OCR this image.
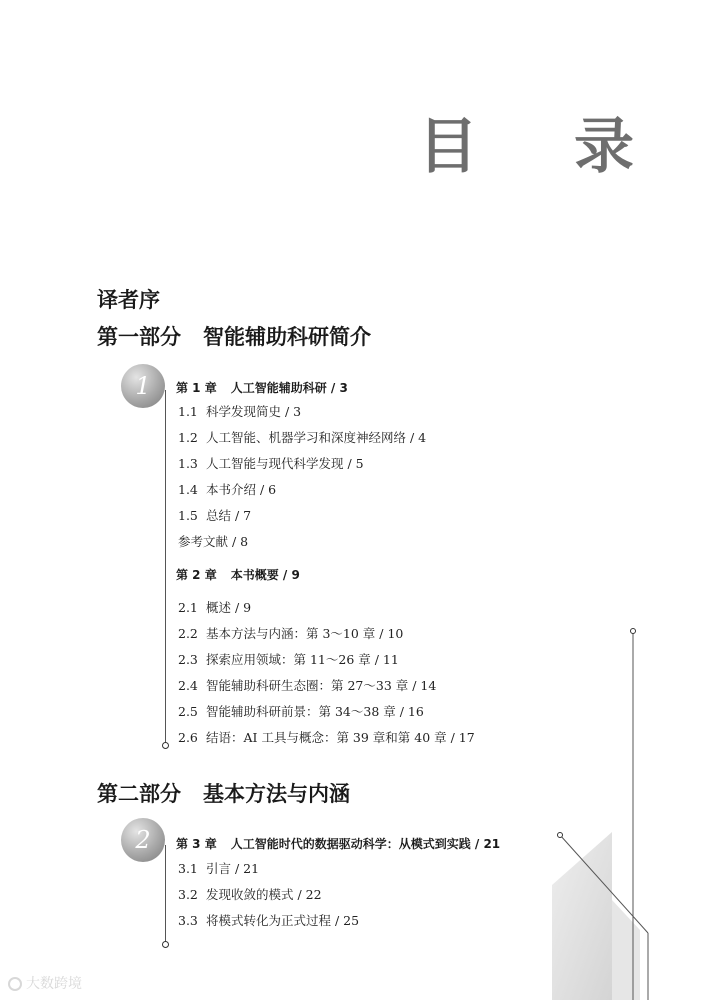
目 录
译者序
第一部分 智能辅助科研简介
1	第 1 章 人工智能辅助科研 / 3
1.1 科学发现简史 / 3
1.2 人工智能、机器学习和深度神经网络 / 4
1.3 人工智能与现代科学发现 / 5
1.4 本书介绍 / 6
1.5 总结 / 7
参考文献 / 8
第 2 章 本书概要 / 9
2.1 概述 / 9
2.2 基本方法与内涵：第 3～10 章 / 10
2.3 探索应用领域：第 11～26 章 / 11
2.4 智能辅助科研生态圈：第 27～33 章 / 14
2.5 智能辅助科研前景：第 34～38 章 / 16
2.6 结语：AI 工具与概念：第 39 章和第 40 章 / 17
第二部分 基本方法与内涵
2	第 3 章 人工智能时代的数据驱动科学：从模式到实践 / 21
3.1 引言 / 21
3.2 发现收敛的模式 / 22
3.3 将模式转化为正式过程 / 25
大数跨境
